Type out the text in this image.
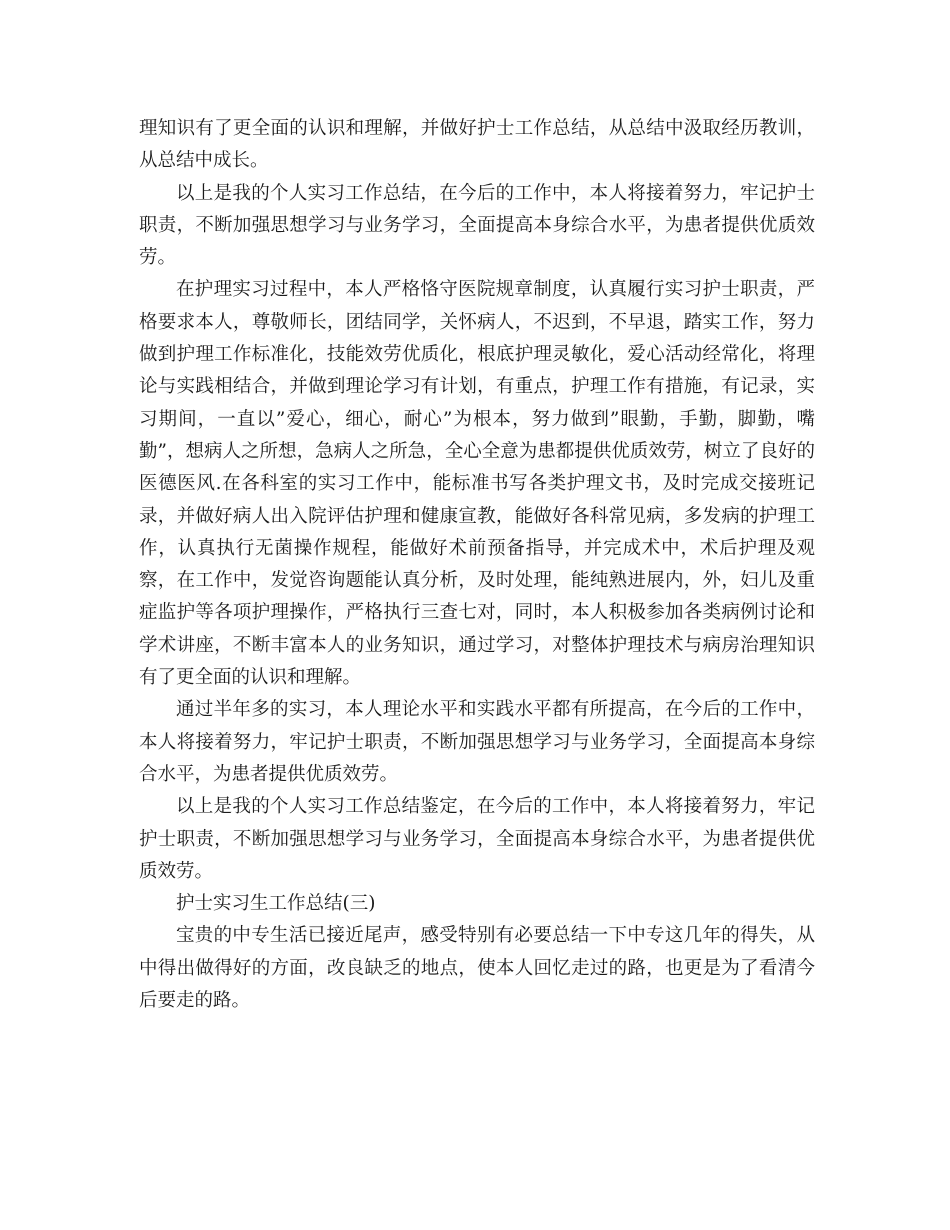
理知识有了更全面的认识和理解，并做好护士工作总结，从总结中汲取经历教训，从总结中成长。

以上是我的个人实习工作总结，在今后的工作中，本人将接着努力，牢记护士职责，不断加强思想学习与业务学习，全面提高本身综合水平，为患者提供优质效劳。

在护理实习过程中，本人严格恪守医院规章制度，认真履行实习护士职责，严格要求本人，尊敬师长，团结同学，关怀病人，不迟到，不早退，踏实工作，努力做到护理工作标准化，技能效劳优质化，根底护理灵敏化，爱心活动经常化，将理论与实践相结合，并做到理论学习有计划，有重点，护理工作有措施，有记录，实习期间，一直以”爱心，细心，耐心”为根本，努力做到”眼勤，手勤，脚勤，嘴勤”，想病人之所想，急病人之所急，全心全意为患都提供优质效劳，树立了良好的医德医风.在各科室的实习工作中，能标准书写各类护理文书，及时完成交接班记录，并做好病人出入院评估护理和健康宣教，能做好各科常见病，多发病的护理工作，认真执行无菌操作规程，能做好术前预备指导，并完成术中，术后护理及观察，在工作中，发觉咨询题能认真分析，及时处理，能纯熟进展内，外，妇儿及重症监护等各项护理操作，严格执行三查七对，同时，本人积极参加各类病例讨论和学术讲座，不断丰富本人的业务知识，通过学习，对整体护理技术与病房治理知识有了更全面的认识和理解。

通过半年多的实习，本人理论水平和实践水平都有所提高，在今后的工作中，本人将接着努力，牢记护士职责，不断加强思想学习与业务学习，全面提高本身综合水平，为患者提供优质效劳。

以上是我的个人实习工作总结鉴定，在今后的工作中，本人将接着努力，牢记护士职责，不断加强思想学习与业务学习，全面提高本身综合水平，为患者提供优质效劳。

护士实习生工作总结(三)

宝贵的中专生活已接近尾声，感受特别有必要总结一下中专这几年的得失，从中得出做得好的方面，改良缺乏的地点，使本人回忆走过的路，也更是为了看清今后要走的路。
